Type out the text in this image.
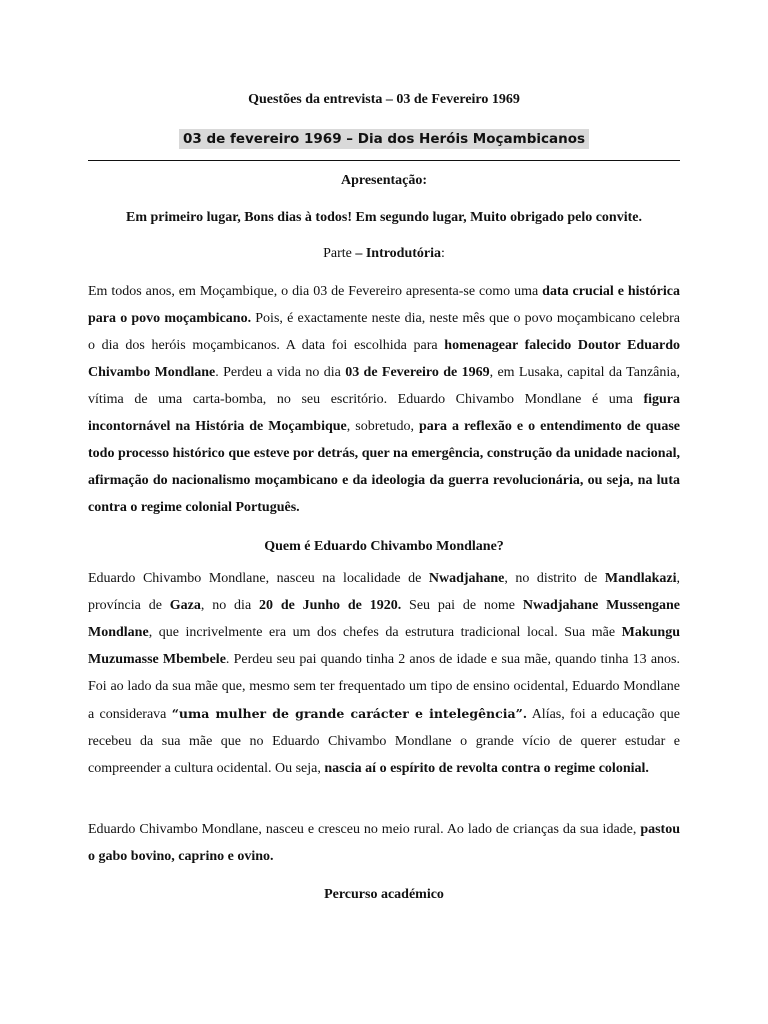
Questões da entrevista – 03 de Fevereiro 1969
03 de fevereiro 1969 – Dia dos Heróis Moçambicanos
Apresentação:
Em primeiro lugar, Bons dias à todos! Em segundo lugar, Muito obrigado pelo convite.
Parte – Introdutória:

Em todos anos, em Moçambique, o dia 03 de Fevereiro apresenta-se como uma data crucial e histórica para o povo moçambicano. Pois, é exactamente neste dia, neste mês que o povo moçambicano celebra o dia dos heróis moçambicanos. A data foi escolhida para homenagear falecido Doutor Eduardo Chivambo Mondlane. Perdeu a vida no dia 03 de Fevereiro de 1969, em Lusaka, capital da Tanzânia, vítima de uma carta-bomba, no seu escritório. Eduardo Chivambo Mondlane é uma figura incontornável na História de Moçambique, sobretudo, para a reflexão e o entendimento de quase todo processo histórico que esteve por detrás, quer na emergência, construção da unidade nacional, afirmação do nacionalismo moçambicano e da ideologia da guerra revolucionária, ou seja, na luta contra o regime colonial Português.

Quem é Eduardo Chivambo Mondlane?

Eduardo Chivambo Mondlane, nasceu na localidade de Nwadjahane, no distrito de Mandlakazi, província de Gaza, no dia 20 de Junho de 1920. Seu pai de nome Nwadjahane Mussengane Mondlane, que incrivelmente era um dos chefes da estrutura tradicional local. Sua mãe Makungu Muzumasse Mbembele. Perdeu seu pai quando tinha 2 anos de idade e sua mãe, quando tinha 13 anos. Foi ao lado da sua mãe que, mesmo sem ter frequentado um tipo de ensino ocidental, Eduardo Mondlane a considerava “uma mulher de grande carácter e intelegência”. Alías, foi a educação que recebeu da sua mãe que no Eduardo Chivambo Mondlane o grande vício de querer estudar e compreender a cultura ocidental. Ou seja, nascia aí o espírito de revolta contra o regime colonial.

Eduardo Chivambo Mondlane, nasceu e cresceu no meio rural. Ao lado de crianças da sua idade, pastou o gabo bovino, caprino e ovino.

Percurso académico
